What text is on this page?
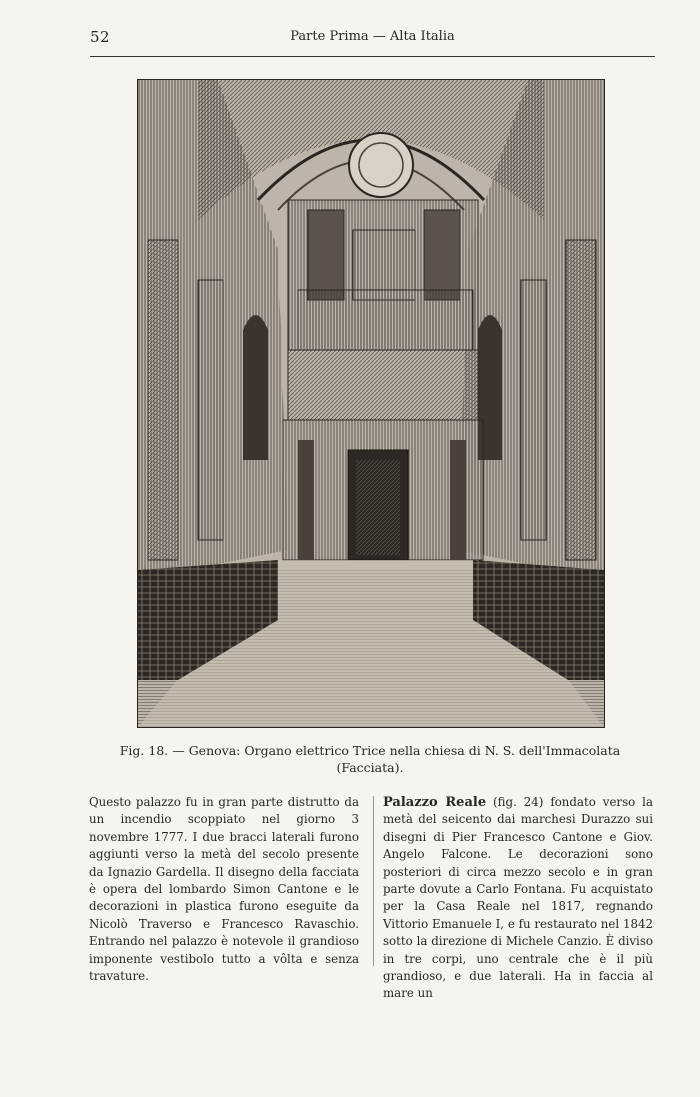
52	Parte Prima — Alta Italia
Fig. 18. — Genova: Organo elettrico Trice nella chiesa di N. S. dell'Immacolata
(Facciata).

Questo palazzo fu in gran parte distrutto da un incendio scoppiato nel giorno 3 novembre 1777. I due bracci laterali furono aggiunti verso la metà del secolo presente da Ignazio Gardella. Il disegno della facciata è opera del lombardo Simon Cantone e le decorazioni in plastica furono eseguite da Nicolò Traverso e Francesco Ravaschio. Entrando nel palazzo è notevole il grandioso imponente vestibolo tutto a vôlta e senza travature.

Palazzo Reale (fig. 24) fondato verso la metà del seicento dai marchesi Durazzo sui disegni di Pier Francesco Cantone e Giov. Angelo Falcone. Le decorazioni sono posteriori di circa mezzo secolo e in gran parte dovute a Carlo Fontana. Fu acquistato per la Casa Reale nel 1817, regnando Vittorio Emanuele I, e fu restaurato nel 1842 sotto la direzione di Michele Canzio. È diviso in tre corpi, uno centrale che è il più grandioso, e due laterali. Ha in faccia al mare un
